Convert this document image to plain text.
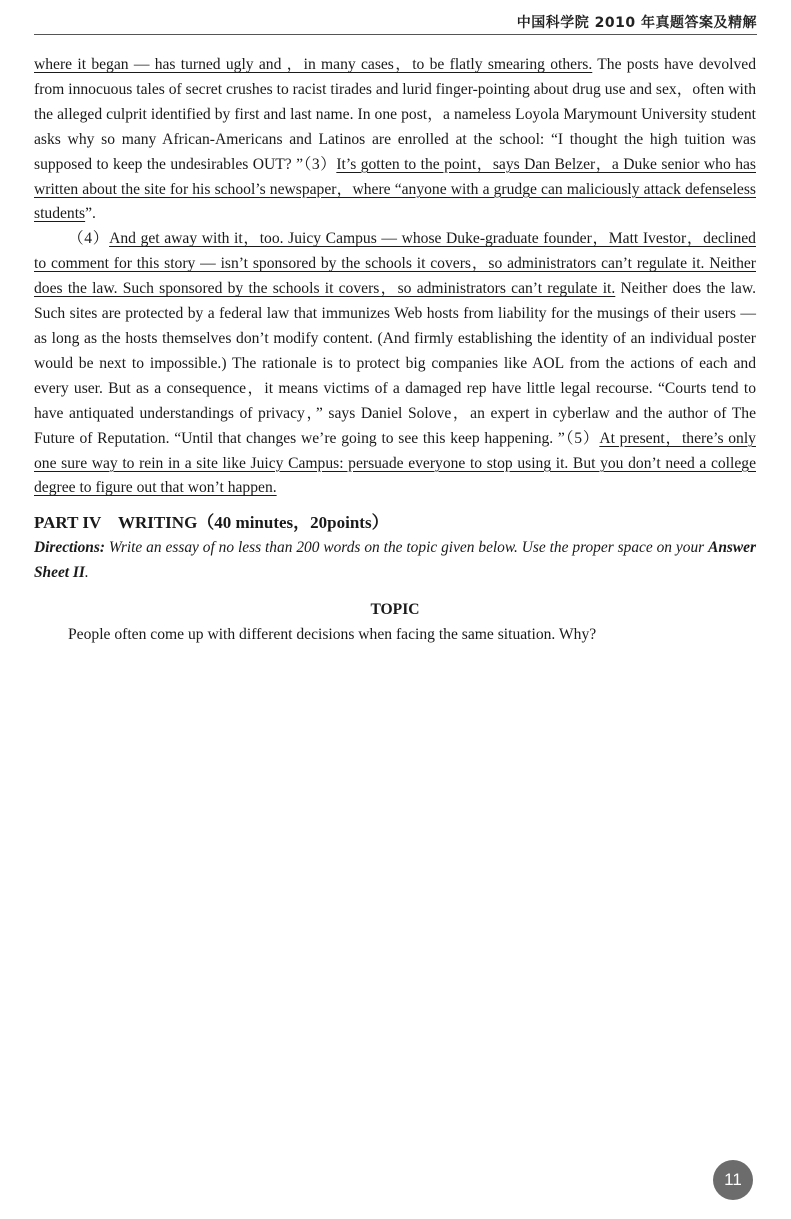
中国科学院 2010 年真题答案及精解

where it began — has turned ugly and ，in many cases，to be flatly smearing others. The posts have devolved from innocuous tales of secret crushes to racist tirades and lurid finger-pointing about drug use and sex，often with the alleged culprit identified by first and last name. In one post，a nameless Loyola Marymount University student asks why so many African-Americans and Latinos are enrolled at the school: “I thought the high tuition was supposed to keep the undesirables OUT? ”（3）It’s gotten to the point，says Dan Belzer，a Duke senior who has written about the site for his school’s newspaper，where “anyone with a grudge can maliciously attack defenseless students”.

（4）And get away with it，too. Juicy Campus — whose Duke-graduate founder，Matt Ivestor，declined to comment for this story — isn’t sponsored by the schools it covers，so administrators can’t regulate it. Neither does the law. Such sponsored by the schools it covers，so administrators can’t regulate it. Neither does the law. Such sites are protected by a federal law that immunizes Web hosts from liability for the musings of their users — as long as the hosts themselves don’t modify content. (And firmly establishing the identity of an individual poster would be next to impossible.) The rationale is to protect big companies like AOL from the actions of each and every user. But as a consequence，it means victims of a damaged rep have little legal recourse. “Courts tend to have antiquated understandings of privacy，” says Daniel Solove，an expert in cyberlaw and the author of The Future of Reputation. “Until that changes we’re going to see this keep happening. ”（5）At present，there’s only one sure way to rein in a site like Juicy Campus: persuade everyone to stop using it. But you don’t need a college degree to figure out that won’t happen.

PART IV　WRITING（40 minutes，20points）

Directions: Write an essay of no less than 200 words on the topic given below. Use the proper space on your Answer Sheet II.

TOPIC

People often come up with different decisions when facing the same situation. Why?

11
